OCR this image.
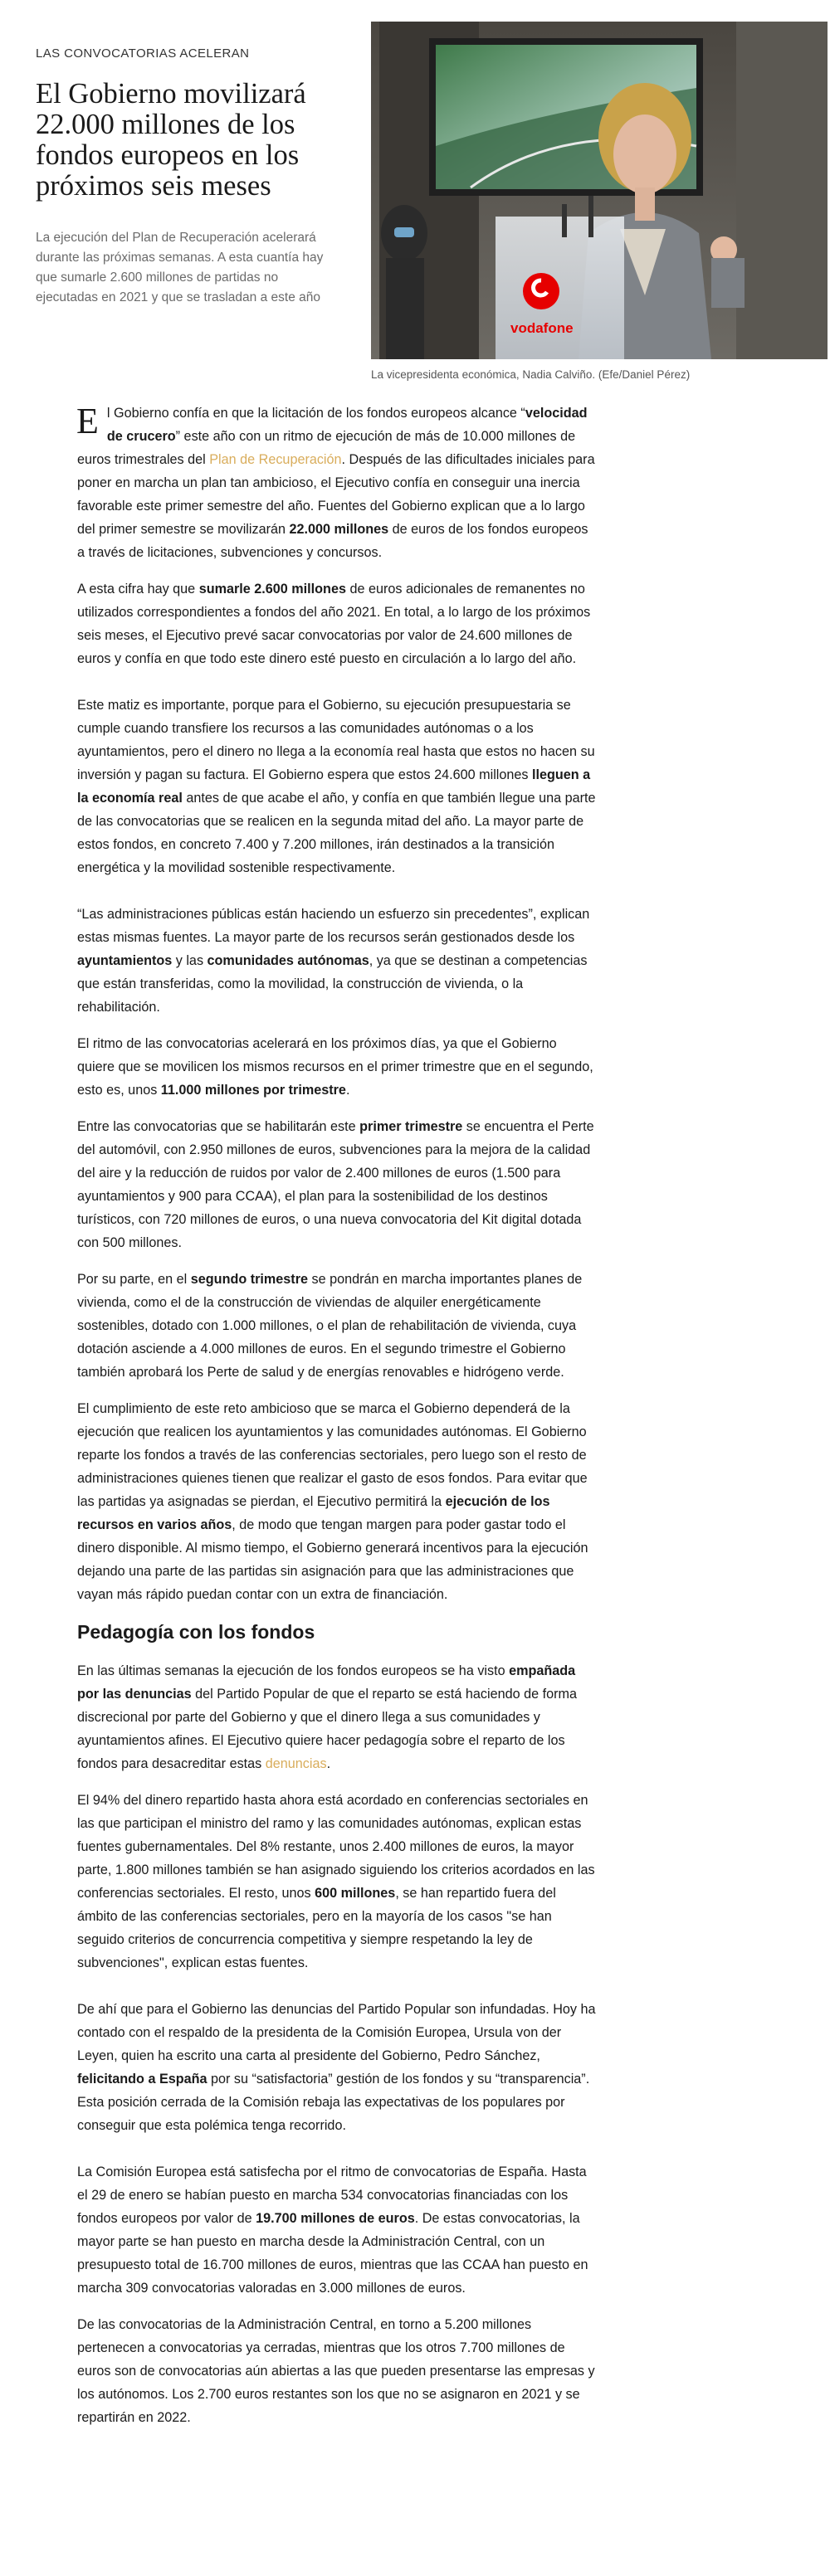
LAS CONVOCATORIAS ACELERAN
El Gobierno movilizará 22.000 millones de los fondos europeos en los próximos seis meses
La ejecución del Plan de Recuperación acelerará durante las próximas semanas. A esta cuantía hay que sumarle 2.600 millones de partidas no ejecutadas en 2021 y que se trasladan a este año
vodafone
La vicepresidenta económica, Nadia Calviño. (Efe/Daniel Pérez)

El Gobierno confía en que la licitación de los fondos europeos alcance “velocidad de crucero” este año con un ritmo de ejecución de más de 10.000 millones de euros trimestrales del Plan de Recuperación. Después de las dificultades iniciales para poner en marcha un plan tan ambicioso, el Ejecutivo confía en conseguir una inercia favorable este primer semestre del año. Fuentes del Gobierno explican que a lo largo del primer semestre se movilizarán 22.000 millones de euros de los fondos europeos a través de licitaciones, subvenciones y concursos.

A esta cifra hay que sumarle 2.600 millones de euros adicionales de remanentes no utilizados correspondientes a fondos del año 2021. En total, a lo largo de los próximos seis meses, el Ejecutivo prevé sacar convocatorias por valor de 24.600 millones de euros y confía en que todo este dinero esté puesto en circulación a lo largo del año.

Este matiz es importante, porque para el Gobierno, su ejecución presupuestaria se cumple cuando transfiere los recursos a las comunidades autónomas o a los ayuntamientos, pero el dinero no llega a la economía real hasta que estos no hacen su inversión y pagan su factura. El Gobierno espera que estos 24.600 millones lleguen a la economía real antes de que acabe el año, y confía en que también llegue una parte de las convocatorias que se realicen en la segunda mitad del año. La mayor parte de estos fondos, en concreto 7.400 y 7.200 millones, irán destinados a la transición energética y la movilidad sostenible respectivamente.

“Las administraciones públicas están haciendo un esfuerzo sin precedentes”, explican estas mismas fuentes. La mayor parte de los recursos serán gestionados desde los ayuntamientos y las comunidades autónomas, ya que se destinan a competencias que están transferidas, como la movilidad, la construcción de vivienda, o la rehabilitación.

El ritmo de las convocatorias acelerará en los próximos días, ya que el Gobierno quiere que se movilicen los mismos recursos en el primer trimestre que en el segundo, esto es, unos 11.000 millones por trimestre.

Entre las convocatorias que se habilitarán este primer trimestre se encuentra el Perte del automóvil, con 2.950 millones de euros, subvenciones para la mejora de la calidad del aire y la reducción de ruidos por valor de 2.400 millones de euros (1.500 para ayuntamientos y 900 para CCAA), el plan para la sostenibilidad de los destinos turísticos, con 720 millones de euros, o una nueva convocatoria del Kit digital dotada con 500 millones.

Por su parte, en el segundo trimestre se pondrán en marcha importantes planes de vivienda, como el de la construcción de viviendas de alquiler energéticamente sostenibles, dotado con 1.000 millones, o el plan de rehabilitación de vivienda, cuya dotación asciende a 4.000 millones de euros. En el segundo trimestre el Gobierno también aprobará los Perte de salud y de energías renovables e hidrógeno verde.

El cumplimiento de este reto ambicioso que se marca el Gobierno dependerá de la ejecución que realicen los ayuntamientos y las comunidades autónomas. El Gobierno reparte los fondos a través de las conferencias sectoriales, pero luego son el resto de administraciones quienes tienen que realizar el gasto de esos fondos. Para evitar que las partidas ya asignadas se pierdan, el Ejecutivo permitirá la ejecución de los recursos en varios años, de modo que tengan margen para poder gastar todo el dinero disponible. Al mismo tiempo, el Gobierno generará incentivos para la ejecución dejando una parte de las partidas sin asignación para que las administraciones que vayan más rápido puedan contar con un extra de financiación.

Pedagogía con los fondos

En las últimas semanas la ejecución de los fondos europeos se ha visto empañada por las denuncias del Partido Popular de que el reparto se está haciendo de forma discrecional por parte del Gobierno y que el dinero llega a sus comunidades y ayuntamientos afines. El Ejecutivo quiere hacer pedagogía sobre el reparto de los fondos para desacreditar estas denuncias.

El 94% del dinero repartido hasta ahora está acordado en conferencias sectoriales en las que participan el ministro del ramo y las comunidades autónomas, explican estas fuentes gubernamentales. Del 8% restante, unos 2.400 millones de euros, la mayor parte, 1.800 millones también se han asignado siguiendo los criterios acordados en las conferencias sectoriales. El resto, unos 600 millones, se han repartido fuera del ámbito de las conferencias sectoriales, pero en la mayoría de los casos "se han seguido criterios de concurrencia competitiva y siempre respetando la ley de subvenciones", explican estas fuentes.

De ahí que para el Gobierno las denuncias del Partido Popular son infundadas. Hoy ha contado con el respaldo de la presidenta de la Comisión Europea, Ursula von der Leyen, quien ha escrito una carta al presidente del Gobierno, Pedro Sánchez, felicitando a España por su “satisfactoria” gestión de los fondos y su “transparencia”. Esta posición cerrada de la Comisión rebaja las expectativas de los populares por conseguir que esta polémica tenga recorrido.

La Comisión Europea está satisfecha por el ritmo de convocatorias de España. Hasta el 29 de enero se habían puesto en marcha 534 convocatorias financiadas con los fondos europeos por valor de 19.700 millones de euros. De estas convocatorias, la mayor parte se han puesto en marcha desde la Administración Central, con un presupuesto total de 16.700 millones de euros, mientras que las CCAA han puesto en marcha 309 convocatorias valoradas en 3.000 millones de euros.

De las convocatorias de la Administración Central, en torno a 5.200 millones pertenecen a convocatorias ya cerradas, mientras que los otros 7.700 millones de euros son de convocatorias aún abiertas a las que pueden presentarse las empresas y los autónomos. Los 2.700 euros restantes son los que no se asignaron en 2021 y se repartirán en 2022.
